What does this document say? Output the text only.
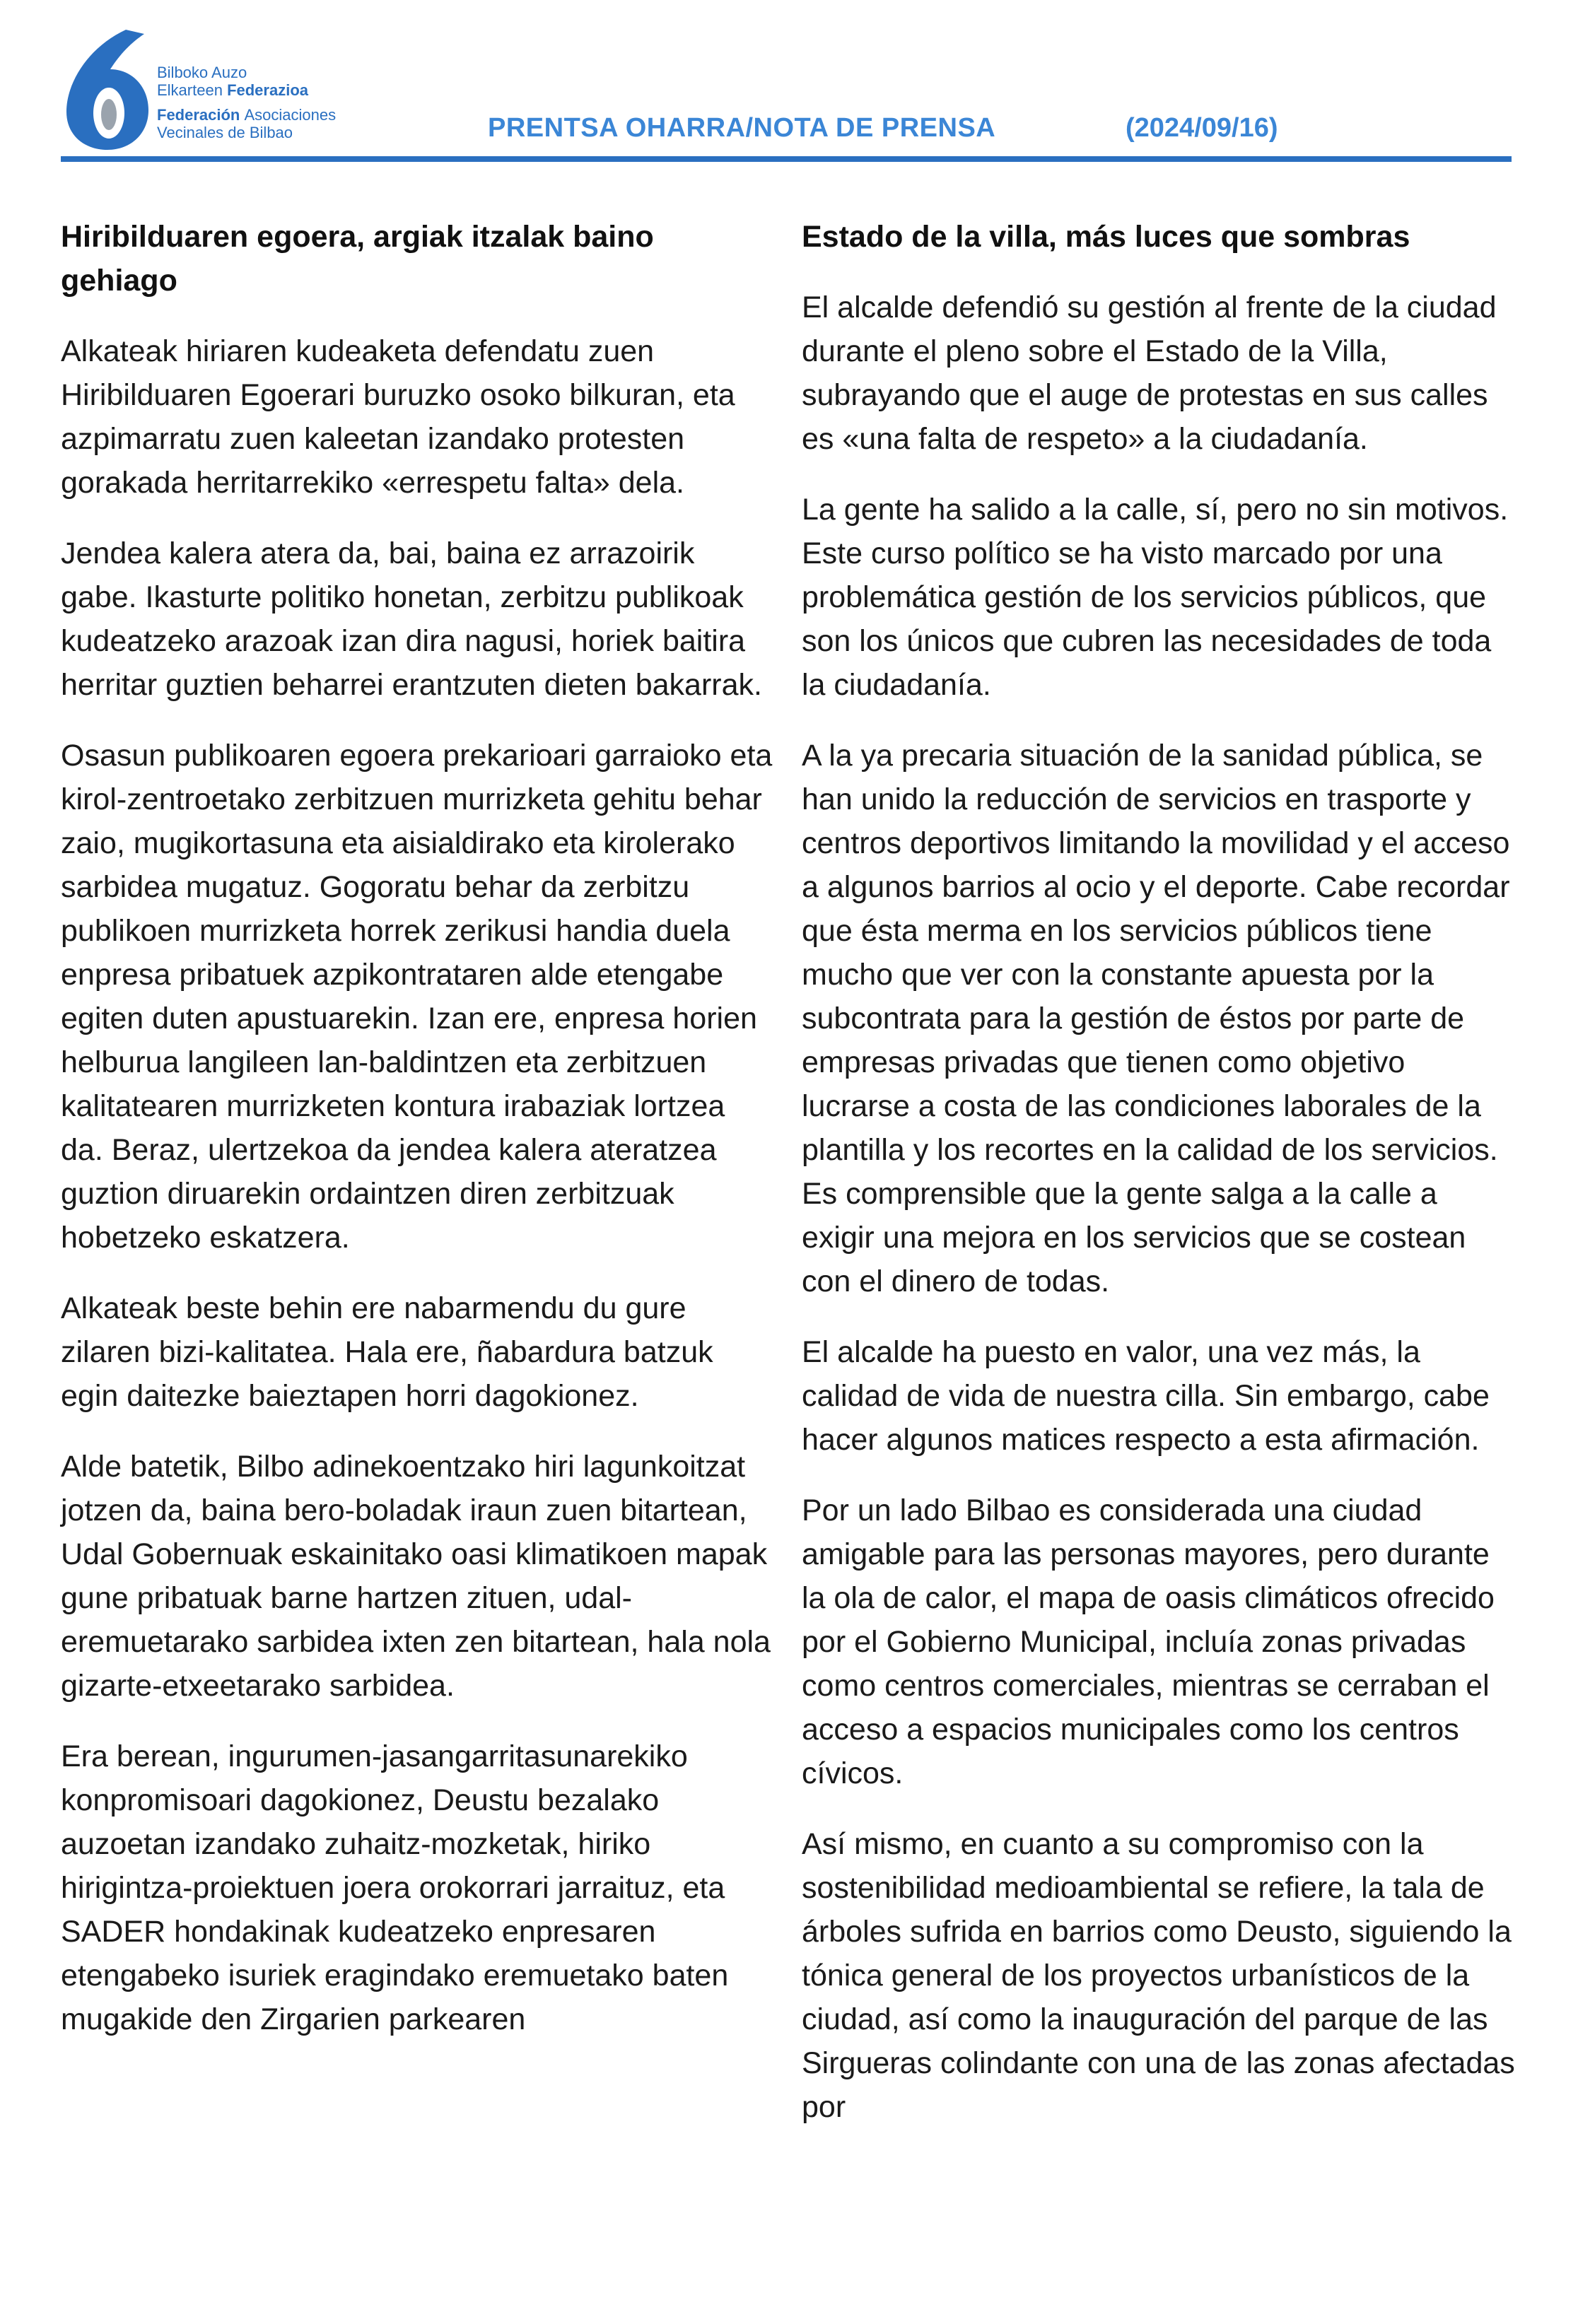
Bilboko Auzo
Elkarteen Federazioa
Federación Asociaciones
Vecinales de Bilbao	PRENTSA OHARRA/NOTA DE PRENSA	(2024/09/16)
Hiribilduaren egoera, argiak itzalak baino gehiago

Alkateak hiriaren kudeaketa defendatu zuen Hiribilduaren Egoerari buruzko osoko bilkuran, eta azpimarratu zuen kaleetan izandako protesten gorakada herritarrekiko «errespetu falta» dela.

Jendea kalera atera da, bai, baina ez arrazoirik gabe. Ikasturte politiko honetan, zerbitzu publikoak kudeatzeko arazoak izan dira nagusi, horiek baitira herritar guztien beharrei erantzuten dieten bakarrak.

Osasun publikoaren egoera prekarioari garraioko eta kirol-zentroetako zerbitzuen murrizketa gehitu behar zaio, mugikortasuna eta aisialdirako eta kirolerako sarbidea mugatuz. Gogoratu behar da zerbitzu publikoen murrizketa horrek zerikusi handia duela enpresa pribatuek azpikontrataren alde etengabe egiten duten apustuarekin. Izan ere, enpresa horien helburua langileen lan-baldintzen eta zerbitzuen kalitatearen murrizketen kontura irabaziak lortzea da. Beraz, ulertzekoa da jendea kalera ateratzea guztion diruarekin ordaintzen diren zerbitzuak hobetzeko eskatzera.

Alkateak beste behin ere nabarmendu du gure zilaren bizi-kalitatea. Hala ere, ñabardura batzuk egin daitezke baieztapen horri dagokionez.

Alde batetik, Bilbo adinekoentzako hiri lagunkoitzat jotzen da, baina bero-boladak iraun zuen bitartean, Udal Gobernuak eskainitako oasi klimatikoen mapak gune pribatuak barne hartzen zituen, udal-eremuetarako sarbidea ixten zen bitartean, hala nola gizarte-etxeetarako sarbidea.

Era berean, ingurumen-jasangarritasunarekiko konpromisoari dagokionez, Deustu bezalako auzoetan izandako zuhaitz-mozketak, hiriko hirigintza-proiektuen joera orokorrari jarraituz, eta SADER hondakinak kudeatzeko enpresaren etengabeko isuriek eragindako eremuetako baten mugakide den Zirgarien parkearen

Estado de la villa, más luces que sombras

El alcalde defendió su gestión al frente de la ciudad durante el pleno sobre el Estado de la Villa, subrayando que el auge de protestas en sus calles es «una falta de respeto» a la ciudadanía.

La gente ha salido a la calle, sí, pero no sin motivos. Este curso político se ha visto marcado por una problemática gestión de los servicios públicos, que son los únicos que cubren las necesidades de toda la ciudadanía.

A la ya precaria situación de la sanidad pública, se han unido la reducción de servicios en trasporte y centros deportivos limitando la movilidad y el acceso a algunos barrios al ocio y el deporte. Cabe recordar que ésta merma en los servicios públicos tiene mucho que ver con la constante apuesta por la subcontrata para la gestión de éstos por parte de empresas privadas que tienen como objetivo lucrarse a costa de las condiciones laborales de la plantilla y los recortes en la calidad de los servicios. Es comprensible que la gente salga a la calle a exigir una mejora en los servicios que se costean con el dinero de todas.

El alcalde ha puesto en valor, una vez más, la calidad de vida de nuestra cilla. Sin embargo, cabe hacer algunos matices respecto a esta afirmación.

Por un lado Bilbao es considerada una ciudad amigable para las personas mayores, pero durante la ola de calor, el mapa de oasis climáticos ofrecido por el Gobierno Municipal, incluía zonas privadas como centros comerciales, mientras se cerraban el acceso a espacios municipales como los centros cívicos.

Así mismo, en cuanto a su compromiso con la sostenibilidad medioambiental se refiere, la tala de árboles sufrida en barrios como Deusto, siguiendo la tónica general de los proyectos urbanísticos de la ciudad, así como la inauguración del parque de las Sirgueras colindante con una de las zonas afectadas por
